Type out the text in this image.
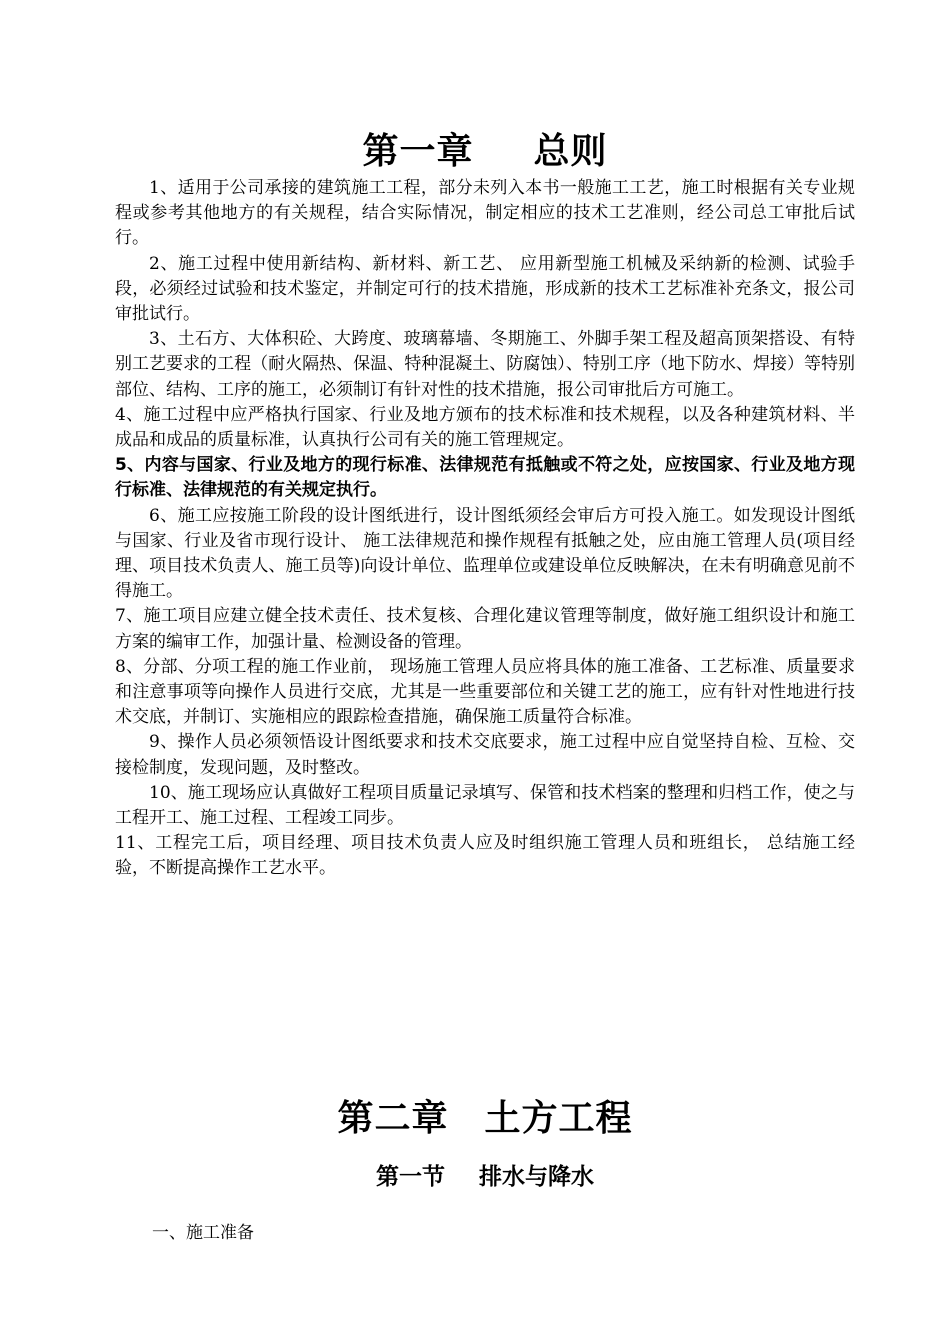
第一章 总则

1、适用于公司承接的建筑施工工程，部分未列入本书一般施工工艺，施工时根据有关专业规程或参考其他地方的有关规程，结合实际情况，制定相应的技术工艺准则，经公司总工审批后试行。

2、施工过程中使用新结构、新材料、新工艺、 应用新型施工机械及采纳新的检测、试验手段，必须经过试验和技术鉴定，并制定可行的技术措施，形成新的技术工艺标准补充条文，报公司审批试行。

3、土石方、大体积砼、大跨度、玻璃幕墙、冬期施工、外脚手架工程及超高顶架搭设、有特别工艺要求的工程（耐火隔热、保温、特种混凝土、防腐蚀）、特别工序（地下防水、焊接）等特别部位、结构、工序的施工，必须制订有针对性的技术措施，报公司审批后方可施工。

4、施工过程中应严格执行国家、行业及地方颁布的技术标准和技术规程，以及各种建筑材料、半成品和成品的质量标准，认真执行公司有关的施工管理规定。

5、内容与国家、行业及地方的现行标准、法律规范有抵触或不符之处，应按国家、行业及地方现行标准、法律规范的有关规定执行。

6、施工应按施工阶段的设计图纸进行，设计图纸须经会审后方可投入施工。如发现设计图纸与国家、行业及省市现行设计、 施工法律规范和操作规程有抵触之处，应由施工管理人员(项目经理、项目技术负责人、施工员等)向设计单位、监理单位或建设单位反映解决，在未有明确意见前不得施工。

7、施工项目应建立健全技术责任、技术复核、合理化建议管理等制度，做好施工组织设计和施工方案的编审工作，加强计量、检测设备的管理。

8、分部、分项工程的施工作业前， 现场施工管理人员应将具体的施工准备、工艺标准、质量要求和注意事项等向操作人员进行交底，尤其是一些重要部位和关键工艺的施工，应有针对性地进行技术交底，并制订、实施相应的跟踪检查措施，确保施工质量符合标准。

9、操作人员必须领悟设计图纸要求和技术交底要求，施工过程中应自觉坚持自检、互检、交接检制度，发现问题，及时整改。

10、施工现场应认真做好工程项目质量记录填写、保管和技术档案的整理和归档工作，使之与工程开工、施工过程、工程竣工同步。

11、工程完工后，项目经理、项目技术负责人应及时组织施工管理人员和班组长， 总结施工经验，不断提高操作工艺水平。

第二章 土方工程
第一节 排水与降水
一、施工准备
